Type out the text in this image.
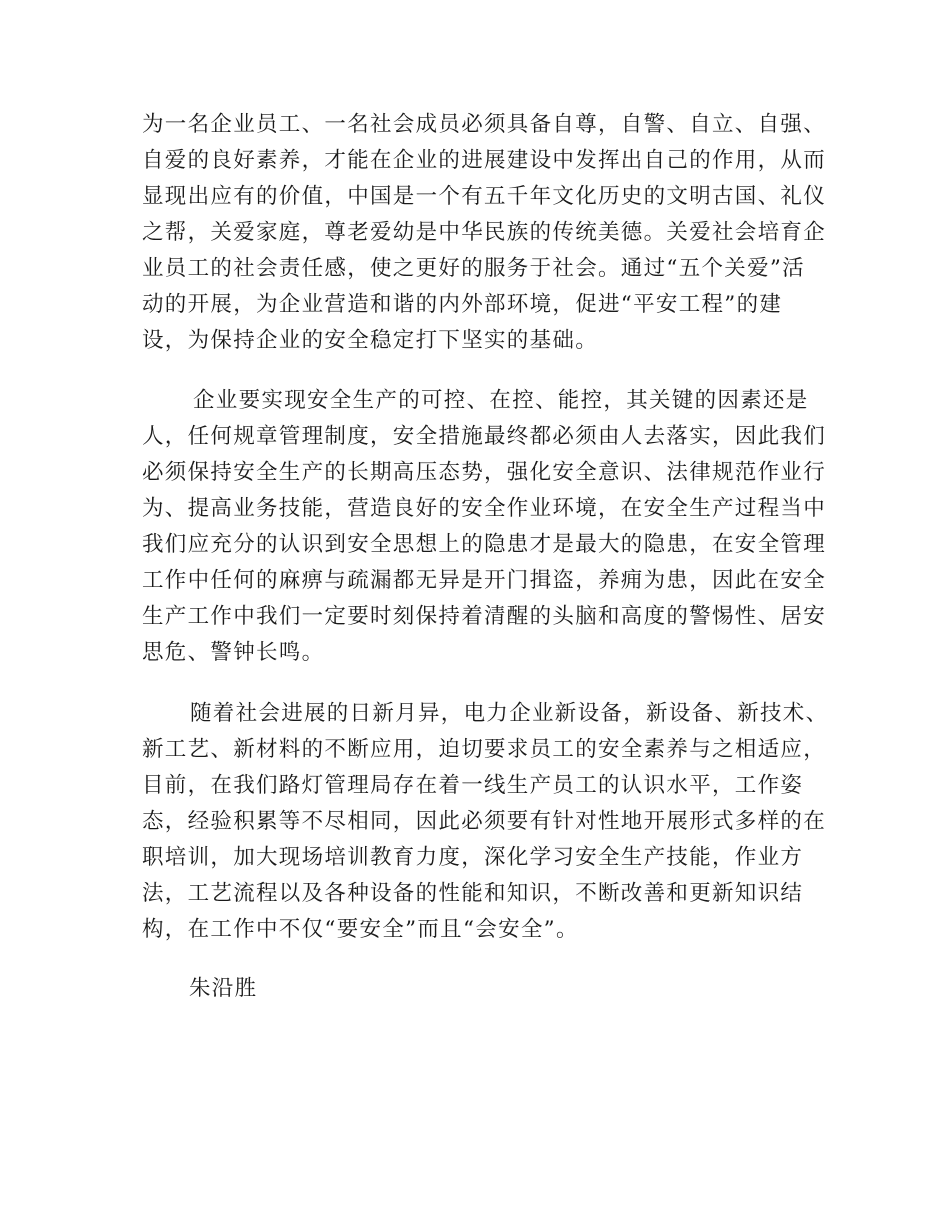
为一名企业员工、一名社会成员必须具备自尊，自警、自立、自强、
自爱的良好素养，才能在企业的进展建设中发挥出自己的作用，从而
显现出应有的价值，中国是一个有五千年文化历史的文明古国、礼仪
之帮，关爱家庭，尊老爱幼是中华民族的传统美德。关爱社会培育企
业员工的社会责任感，使之更好的服务于社会。通过“五个关爱”活
动的开展，为企业营造和谐的内外部环境，促进“平安工程”的建
设，为保持企业的安全稳定打下坚实的基础。
企业要实现安全生产的可控、在控、能控，其关键的因素还是
人，任何规章管理制度，安全措施最终都必须由人去落实，因此我们
必须保持安全生产的长期高压态势，强化安全意识、法律规范作业行
为、提高业务技能，营造良好的安全作业环境，在安全生产过程当中
我们应充分的认识到安全思想上的隐患才是最大的隐患，在安全管理
工作中任何的麻痹与疏漏都无异是开门揖盗，养痈为患，因此在安全
生产工作中我们一定要时刻保持着清醒的头脑和高度的警惕性、居安
思危、警钟长鸣。
随着社会进展的日新月异，电力企业新设备，新设备、新技术、
新工艺、新材料的不断应用，迫切要求员工的安全素养与之相适应，
目前，在我们路灯管理局存在着一线生产员工的认识水平，工作姿
态，经验积累等不尽相同，因此必须要有针对性地开展形式多样的在
职培训，加大现场培训教育力度，深化学习安全生产技能，作业方
法，工艺流程以及各种设备的性能和知识，不断改善和更新知识结
构，在工作中不仅“要安全”而且“会安全”。
朱沿胜
